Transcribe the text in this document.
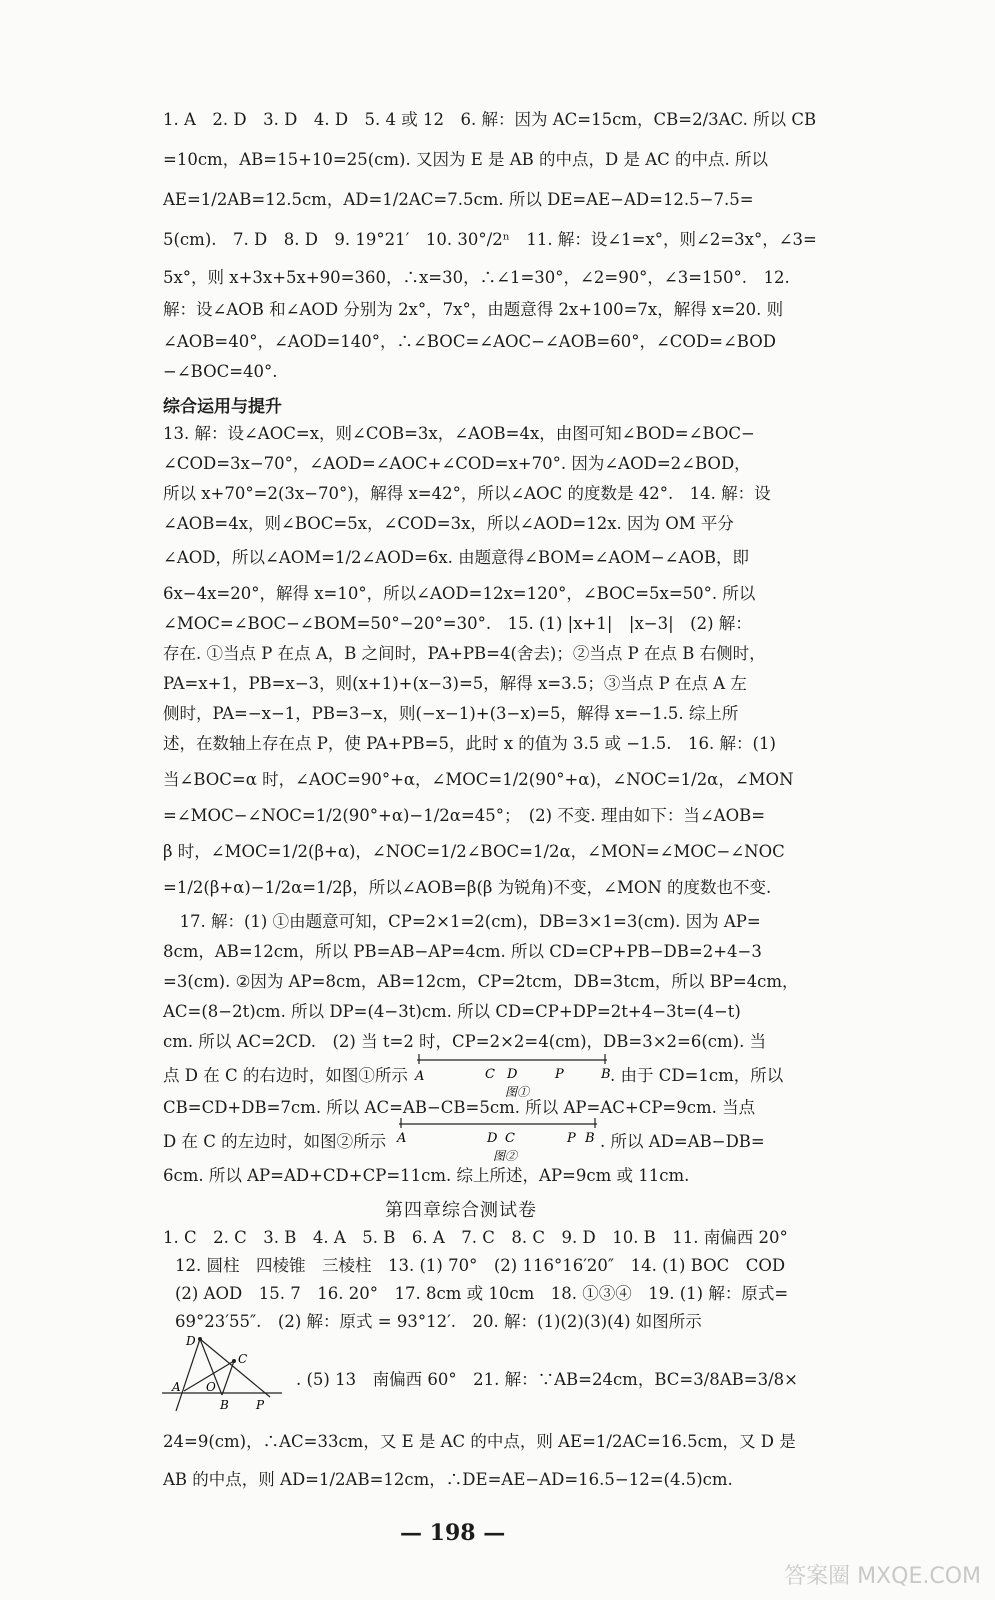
1. A　2. D　3. D　4. D　5. 4 或 12　6. 解：因为 AC=15cm，CB=2/3AC. 所以 CB
=10cm，AB=15+10=25(cm). 又因为 E 是 AB 的中点，D 是 AC 的中点. 所以
AE=1/2AB=12.5cm，AD=1/2AC=7.5cm. 所以 DE=AE−AD=12.5−7.5=
5(cm).　7. D　8. D　9. 19°21′　10. 30°/2ⁿ　11. 解：设∠1=x°，则∠2=3x°，∠3=
5x°，则 x+3x+5x+90=360，∴x=30，∴∠1=30°，∠2=90°，∠3=150°.　12.
解：设∠AOB 和∠AOD 分别为 2x°，7x°，由题意得 2x+100=7x，解得 x=20. 则
∠AOB=40°，∠AOD=140°，∴∠BOC=∠AOC−∠AOB=60°，∠COD=∠BOD
−∠BOC=40°.
综合运用与提升
13. 解：设∠AOC=x，则∠COB=3x，∠AOB=4x，由图可知∠BOD=∠BOC−
∠COD=3x−70°，∠AOD=∠AOC+∠COD=x+70°. 因为∠AOD=2∠BOD，
所以 x+70°=2(3x−70°)，解得 x=42°，所以∠AOC 的度数是 42°.　14. 解：设
∠AOB=4x，则∠BOC=5x，∠COD=3x，所以∠AOD=12x. 因为 OM 平分
∠AOD，所以∠AOM=1/2∠AOD=6x. 由题意得∠BOM=∠AOM−∠AOB，即
6x−4x=20°，解得 x=10°，所以∠AOD=12x=120°，∠BOC=5x=50°. 所以
∠MOC=∠BOC−∠BOM=50°−20°=30°.　15. (1) |x+1|　|x−3|　(2) 解：
存在. ①当点 P 在点 A，B 之间时，PA+PB=4(舍去)；②当点 P 在点 B 右侧时，
PA=x+1，PB=x−3，则(x+1)+(x−3)=5，解得 x=3.5；③当点 P 在点 A 左
侧时，PA=−x−1，PB=3−x，则(−x−1)+(3−x)=5，解得 x=−1.5. 综上所
述，在数轴上存在点 P，使 PA+PB=5，此时 x 的值为 3.5 或 −1.5.　16. 解：(1)
当∠BOC=α 时，∠AOC=90°+α，∠MOC=1/2(90°+α)，∠NOC=1/2α，∠MON
=∠MOC−∠NOC=1/2(90°+α)−1/2α=45°；　(2) 不变. 理由如下：当∠AOB=
β 时，∠MOC=1/2(β+α)，∠NOC=1/2∠BOC=1/2α，∠MON=∠MOC−∠NOC
=1/2(β+α)−1/2α=1/2β，所以∠AOB=β(β 为锐角)不变，∠MON 的度数也不变.
　17. 解：(1) ①由题意可知，CP=2×1=2(cm)，DB=3×1=3(cm). 因为 AP=
8cm，AB=12cm，所以 PB=AB−AP=4cm. 所以 CD=CP+PB−DB=2+4−3
=3(cm). ②因为 AP=8cm，AB=12cm，CP=2tcm，DB=3tcm，所以 BP=4cm，
AC=(8−2t)cm. 所以 DP=(4−3t)cm. 所以 CD=CP+DP=2t+4−3t=(4−t)
cm. 所以 AC=2CD.　(2) 当 t=2 时，CP=2×2=4(cm)，DB=3×2=6(cm). 当
点 D 在 C 的右边时，如图①所示 A	C D	P	B
图①
. 由于 CD=1cm，所以
CB=CD+DB=7cm. 所以 AC=AB−CB=5cm. 所以 AP=AC+CP=9cm. 当点
D 在 C 的左边时，如图②所示 A	D C	P B
图②
. 所以 AD=AB−DB=
6cm. 所以 AP=AD+CD+CP=11cm. 综上所述，AP=9cm 或 11cm.
第四章综合测试卷
1. C　2. C　3. B　4. A　5. B　6. A　7. C　8. C　9. D　10. B　11. 南偏西 20°
12. 圆柱　四棱锥　三棱柱　13. (1) 70°　(2) 116°16′20″　14. (1) BOC　COD
(2) AOD　15. 7　16. 20°　17. 8cm 或 10cm　18. ①③④　19. (1) 解：原式=
69°23′55″.　(2) 解：原式 = 93°12′.　20. 解：(1)(2)(3)(4) 如图所示
D
C
A O
B P
. (5) 13　南偏西 60°　21. 解：∵AB=24cm，BC=3/8AB=3/8×
24=9(cm)，∴AC=33cm，又 E 是 AC 的中点，则 AE=1/2AC=16.5cm，又 D 是
AB 的中点，则 AD=1/2AB=12cm，∴DE=AE−AD=16.5−12=(4.5)cm.
— 198 —
答案圈 MXQE.COM
